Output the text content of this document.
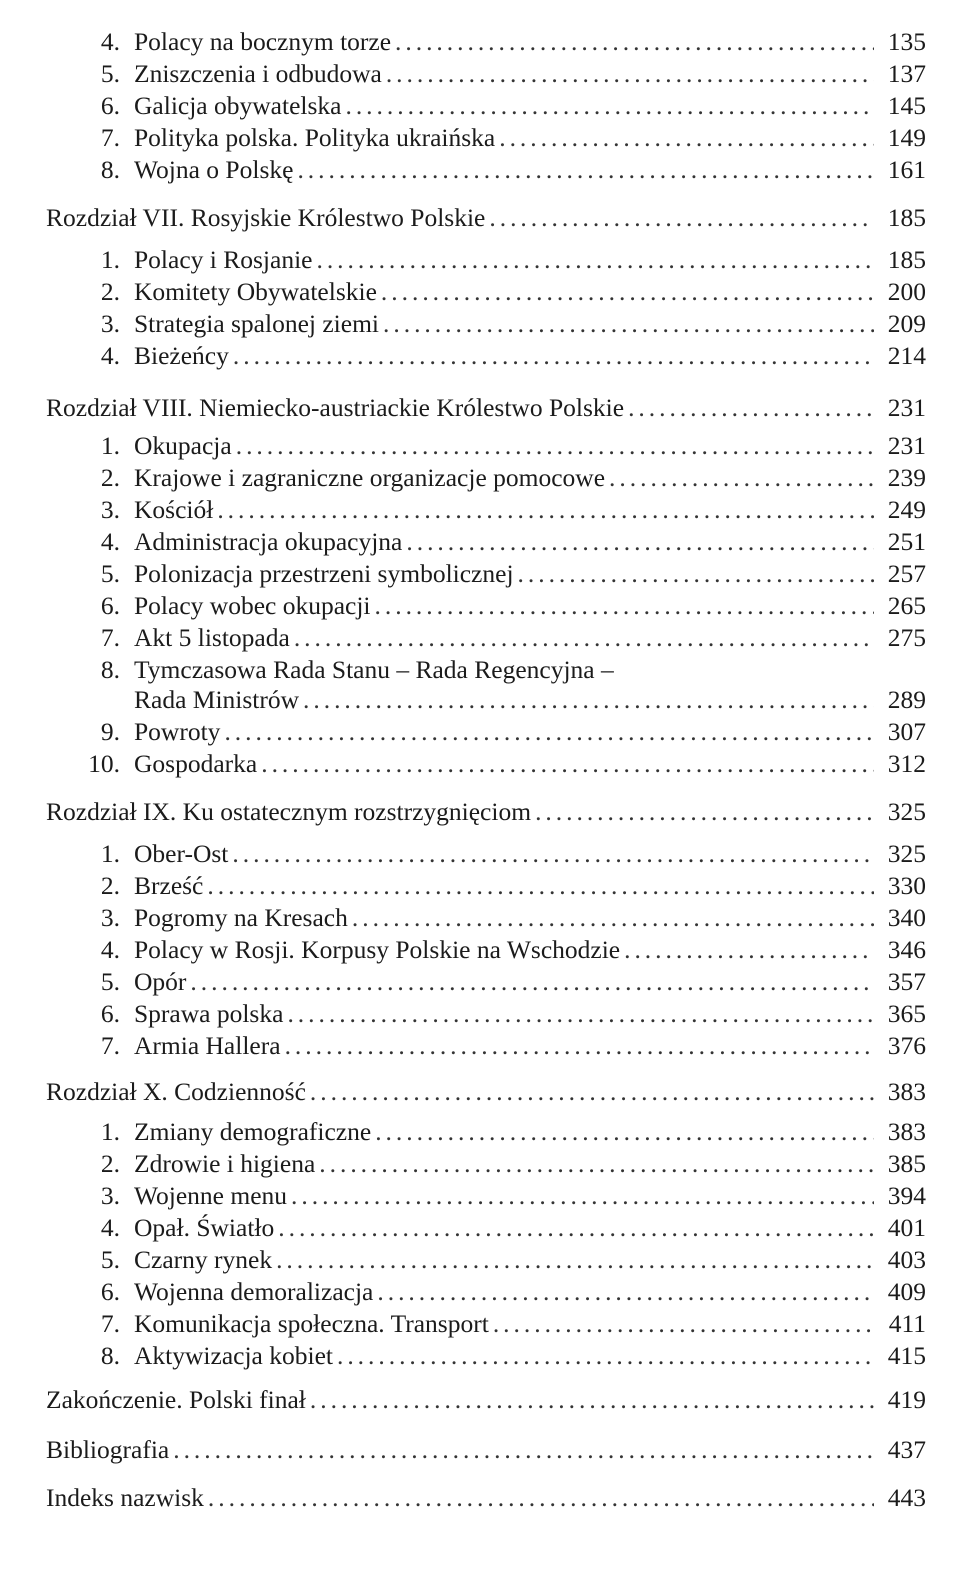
4. Polacy na bocznym torze . . .	135
5. Zniszczenia i odbudowa . . .	137
6. Galicja obywatelska . . .	145
7. Polityka polska. Polityka ukraińska . . .	149
8. Wojna o Polskę . . .	161
Rozdział VII. Rosyjskie Królestwo Polskie . . .	185
1. Polacy i Rosjanie . . .	185
2. Komitety Obywatelskie . . .	200
3. Strategia spalonej ziemi . . .	209
4. Bieżeńcy . . .	214
Rozdział VIII. Niemiecko-austriackie Królestwo Polskie . . .	231
1. Okupacja . . .	231
2. Krajowe i zagraniczne organizacje pomocowe . . .	239
3. Kościół . . .	249
4. Administracja okupacyjna . . .	251
5. Polonizacja przestrzeni symbolicznej . . .	257
6. Polacy wobec okupacji . . .	265
7. Akt 5 listopada . . .	275
8. Tymczasowa Rada Stanu – Rada Regencyjna –
Rada Ministrów . . .	289
9. Powroty . . .	307
10. Gospodarka . . .	312
Rozdział IX. Ku ostatecznym rozstrzygnięciom . . .	325
1. Ober-Ost . . .	325
2. Brześć . . .	330
3. Pogromy na Kresach . . .	340
4. Polacy w Rosji. Korpusy Polskie na Wschodzie . . .	346
5. Opór . . .	357
6. Sprawa polska . . .	365
7. Armia Hallera . . .	376
Rozdział X. Codzienność . . .	383
1. Zmiany demograficzne . . .	383
2. Zdrowie i higiena . . .	385
3. Wojenne menu . . .	394
4. Opał. Światło . . .	401
5. Czarny rynek . . .	403
6. Wojenna demoralizacja . . .	409
7. Komunikacja społeczna. Transport . . .	411
8. Aktywizacja kobiet . . .	415
Zakończenie. Polski finał . . .	419
Bibliografia . . .	437
Indeks nazwisk . . .	443
